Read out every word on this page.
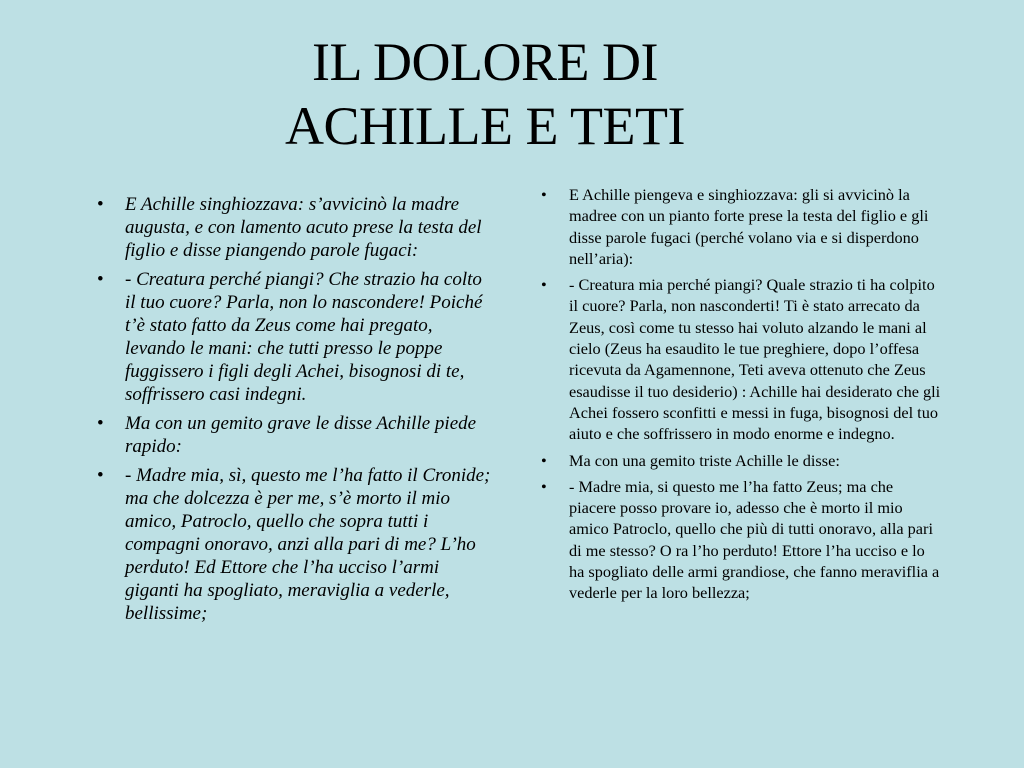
IL DOLORE DI
ACHILLE E TETI
• E Achille singhiozzava: s’avvicinò la madre augusta, e con lamento acuto prese la testa del figlio e disse piangendo parole fugaci:
• - Creatura perché piangi? Che strazio ha colto il tuo cuore? Parla, non lo nascondere! Poiché t’è stato fatto da Zeus come hai pregato, levando le mani: che tutti presso le poppe fuggissero i figli degli Achei, bisognosi di te, soffrissero casi indegni.
• Ma con un gemito grave le disse Achille piede rapido:
• - Madre mia, sì, questo me l’ha fatto il Cronide; ma che dolcezza è per me, s’è morto il mio amico, Patroclo, quello che sopra tutti i compagni onoravo, anzi alla pari di me? L’ho perduto! Ed Ettore che l’ha ucciso l’armi giganti ha spogliato, meraviglia a vederle, bellissime;
• E Achille piengeva e singhiozzava: gli si avvicinò la madree con un pianto forte prese la testa del figlio e gli disse parole fugaci (perché volano via e si disperdono nell’aria):
• - Creatura mia perché piangi? Quale strazio ti ha colpito il cuore? Parla, non nasconderti! Ti è stato arrecato da Zeus, così come tu stesso hai voluto alzando le mani al cielo (Zeus ha esaudito le tue preghiere, dopo l’offesa ricevuta da Agamennone, Teti aveva ottenuto che Zeus esaudisse il tuo desiderio) : Achille hai desiderato che gli Achei fossero sconfitti e messi in fuga, bisognosi del tuo aiuto e che soffrissero in modo enorme e indegno.
• Ma con una gemito triste Achille le disse:
• - Madre mia, si questo me l’ha fatto Zeus; ma che piacere posso provare io, adesso che è morto il mio amico Patroclo, quello che più di tutti onoravo, alla pari di me stesso? O ra l’ho perduto! Ettore l’ha ucciso e lo ha spogliato delle armi grandiose, che fanno meraviflia a vederle per la loro bellezza;
